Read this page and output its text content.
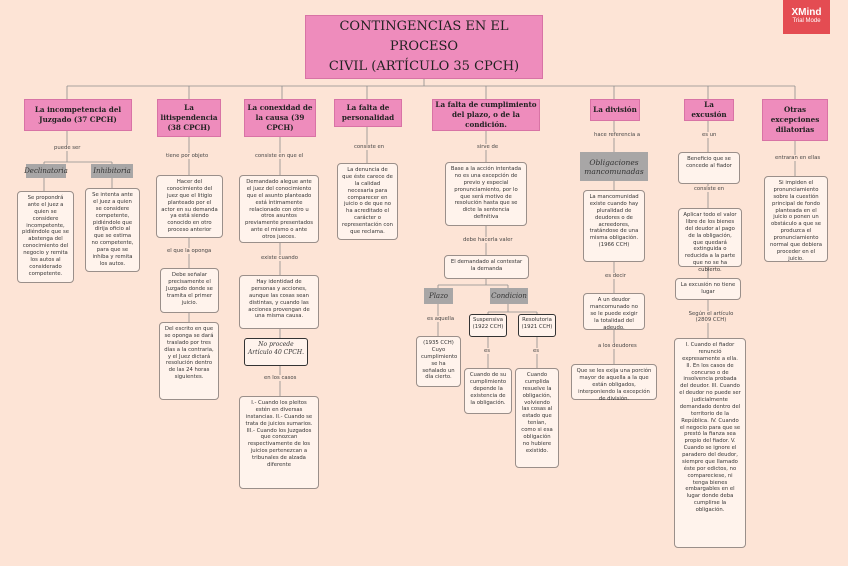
XMind
Trial Mode
CONTINGENCIAS EN EL PROCESO
CIVIL (ARTÍCULO 35 CPCH)
La incompetencia del Juzgado (37 CPCH)
puede ser
Declinatoria	Inhibitoria
Se propondrá ante el juez a quien se considere incompetente, pidiéndole que se abstenga del conocimiento del negocio y remita los autos al considerado competente.
Se intenta ante el juez a quien se considere competente, pidiéndole que dirija oficio al que se estima no competente, para que se inhiba y remita los autos.
La litispendencia (38 CPCH)
tiene por objeto
Hacer del conocimiento del juez que el litigio planteado por el actor en su demanda ya está siendo conocido en otro proceso anterior
el que la oponga
Debe señalar precisamente el Juzgado donde se tramita el primer juicio.
Del escrito en que se oponga se dará traslado por tres días a la contraria, y el Juez dictará resolución dentro de las 24 horas siguientes.
La conexidad de la causa (39 CPCH)
consiste en que el
Demandado alegue ante el juez del conocimiento que el asunto planteado está íntimamente relacionado con otro u otros asuntos previamente presentados ante el mismo o ante otros jueces.
existe cuando
Hay identidad de personas y acciones, aunque las cosas sean distintas, y cuando las acciones provengan de una misma causa.
No procede Artículo 40 CPCH.
en los casos
I.- Cuando los pleitos estén en diversas instancias. II.- Cuando se trata de juicios sumarios. III.- Cuando los Juzgados que conozcan respectivamente de los juicios pertenezcan a tribunales de alzada diferente
La falta de personalidad
consiste en
La denuncia de que éste carece de la calidad necesaria para comparecer en juicio o de que no ha acreditado el carácter o representación con que reclama.
La falta de cumplimiento del plazo, o de la condición.
sirve de
Base a la acción intentada no es una excepción de previo y especial pronunciamiento, por lo que será motivo de resolución hasta que se dicte la sentencia definitiva
debe hacerla valer
El demandado al contestar la demanda
Plazo	Condicion
es aquella
(1935 CCH) Cuyo cumplimiento se ha señalado un día cierto.
Suspensiva (1922 CCH)
Resolutoria (1921 CCH)
es	es
Cuando de su cumplimiento depende la existencia de la obligación.
Cuando cumplida resuelve la obligación, volviendo las cosas al estado que tenían, como si esa obligación no hubiere existido.
La división
hace referencia a
Obligaciones mancomunadas
La mancomunidad existe cuando hay pluralidad de deudores o de acreedores, tratándose de una misma obligación. (1966 CCH)
es decir
A un deudor mancomunado no se le puede exigir la totalidad del adeudo.
a los deudores
Que se les exija una porción mayor de aquella a la que están obligados, interponiendo la excepción de división.
La excusión
es un
Beneficio que se concede al fiador
consiste en
Aplicar todo el valor libre de los bienes del deudor al pago de la obligación, que quedará extinguida o reducida a la parte que no se ha cubierto.
La excusión no tiene lugar
Según el artículo (2809 CCH)
I. Cuando el fiador renunció expresamente a ella. II. En los casos de concurso o de insolvencia probada del deudor. III. Cuando el deudor no puede ser judicialmente demandado dentro del territorio de la República. IV. Cuando el negocio para que se prestó la fianza sea propio del fiador. V. Cuando se ignore el paradero del deudor, siempre que llamado éste por edictos, no compareciese, ni tenga bienes embargables en el lugar donde deba cumplirse la obligación.
Otras excepciones dilatorias
entraran en ellas
Si impiden el pronunciamiento sobre la cuestión principal de fondo planteada en el juicio o ponen un obstáculo a que se produzca el pronunciamiento normal que debiera proceder en el juicio.
